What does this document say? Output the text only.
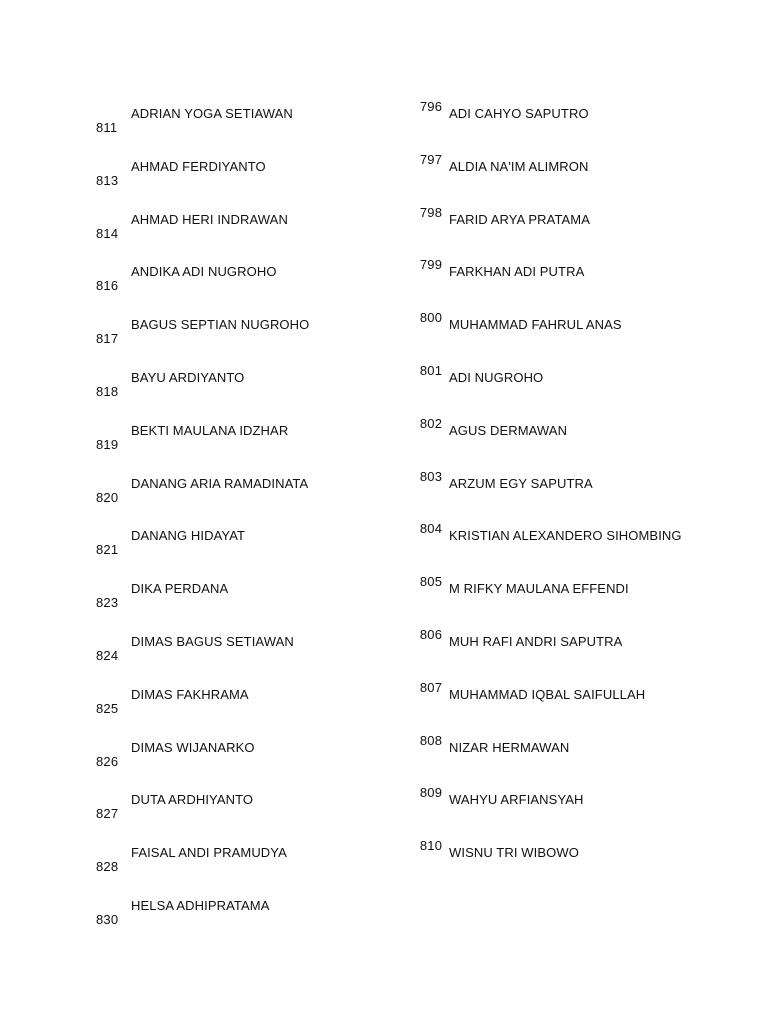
811
ADRIAN YOGA SETIAWAN
813
AHMAD FERDIYANTO
814
AHMAD HERI INDRAWAN
816
ANDIKA ADI NUGROHO
817
BAGUS SEPTIAN NUGROHO
818
BAYU ARDIYANTO
819
BEKTI MAULANA IDZHAR
820
DANANG ARIA RAMADINATA
821
DANANG HIDAYAT
823
DIKA PERDANA
824
DIMAS BAGUS SETIAWAN
825
DIMAS FAKHRAMA
826
DIMAS WIJANARKO
827
DUTA ARDHIYANTO
828
FAISAL ANDI PRAMUDYA
830
HELSA ADHIPRATAMA
796 ADI CAHYO SAPUTRO
797 ALDIA NA'IM ALIMRON
798 FARID ARYA PRATAMA
799 FARKHAN ADI PUTRA
800 MUHAMMAD FAHRUL ANAS
801 ADI NUGROHO
802 AGUS DERMAWAN
803 ARZUM EGY SAPUTRA
804 KRISTIAN ALEXANDERO SIHOMBING
805 M RIFKY MAULANA EFFENDI
806 MUH RAFI ANDRI SAPUTRA
807 MUHAMMAD IQBAL SAIFULLAH
808 NIZAR HERMAWAN
809 WAHYU ARFIANSYAH
810 WISNU TRI WIBOWO
